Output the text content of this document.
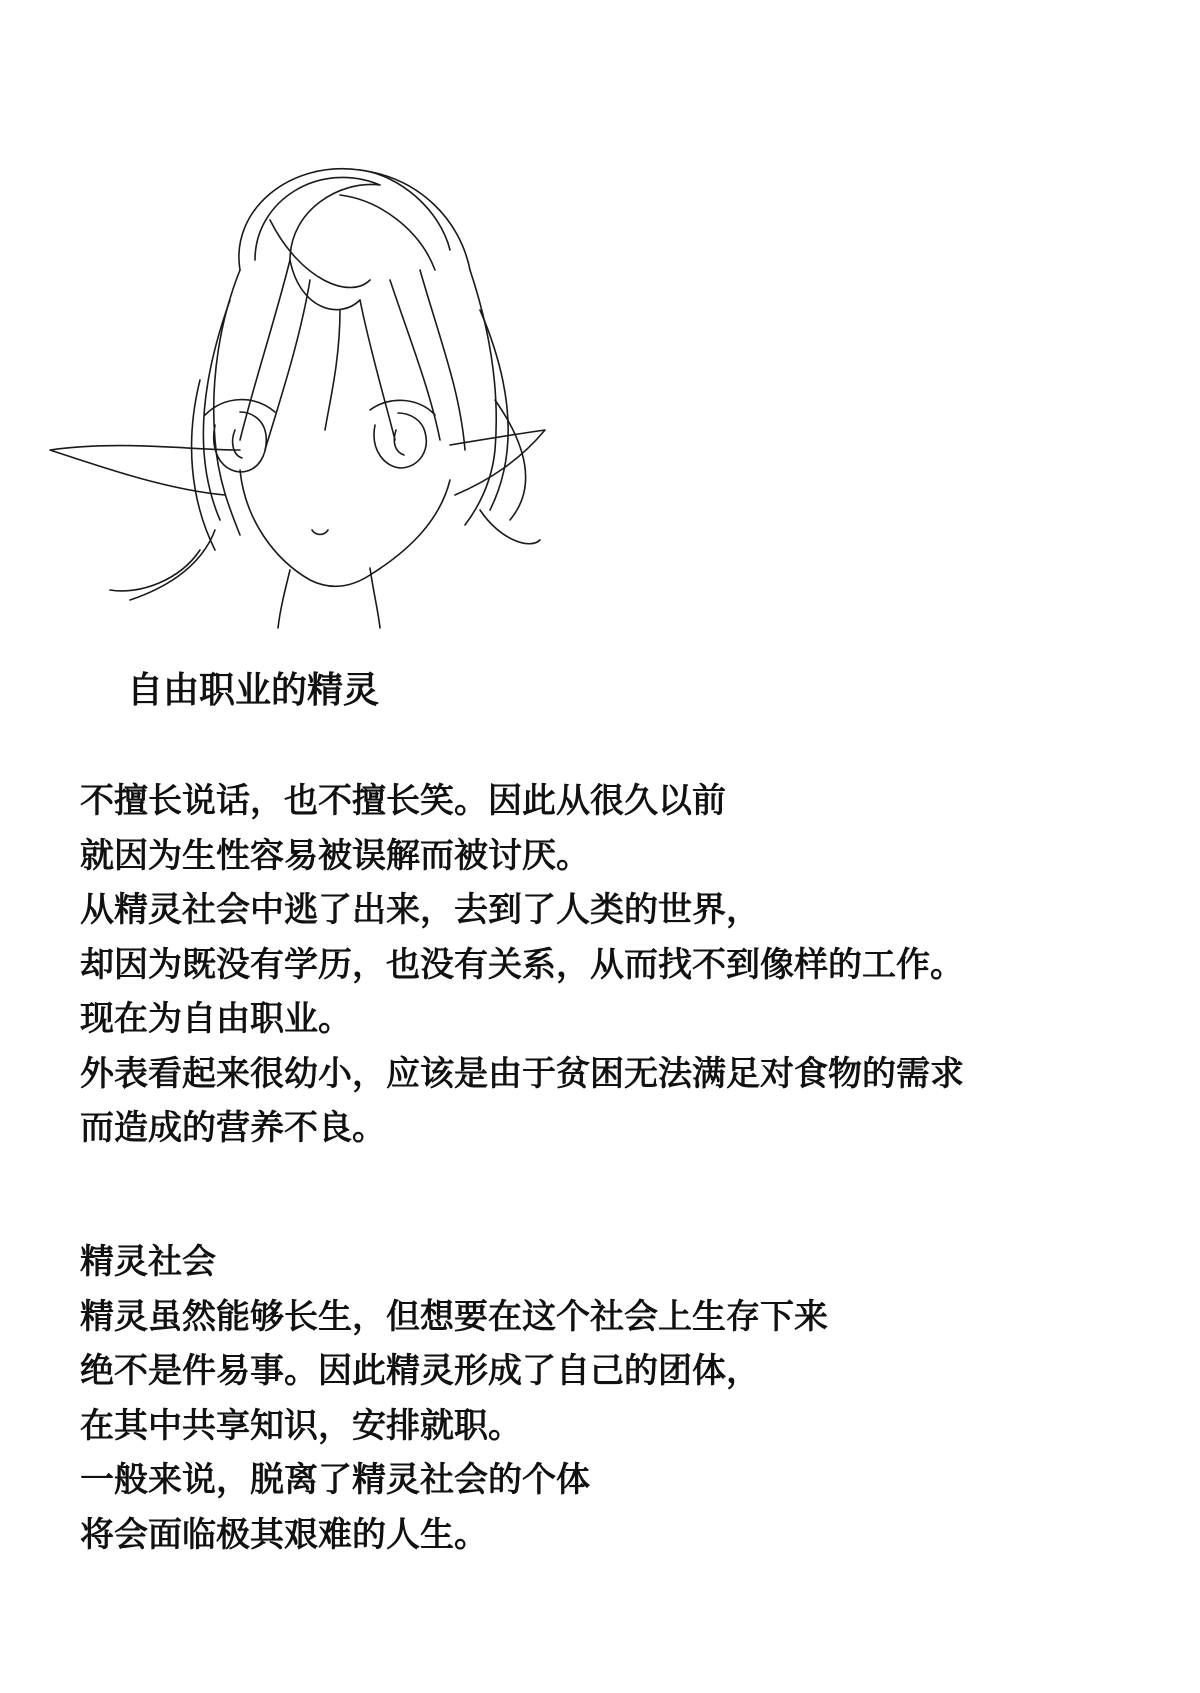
自由职业的精灵
不擅长说话，也不擅长笑。因此从很久以前
就因为生性容易被误解而被讨厌。
从精灵社会中逃了出来，去到了人类的世界，
却因为既没有学历，也没有关系，从而找不到像样的工作。
现在为自由职业。
外表看起来很幼小，应该是由于贫困无法满足对食物的需求
而造成的营养不良。
精灵社会
精灵虽然能够长生，但想要在这个社会上生存下来
绝不是件易事。因此精灵形成了自己的团体，
在其中共享知识，安排就职。
一般来说，脱离了精灵社会的个体
将会面临极其艰难的人生。
